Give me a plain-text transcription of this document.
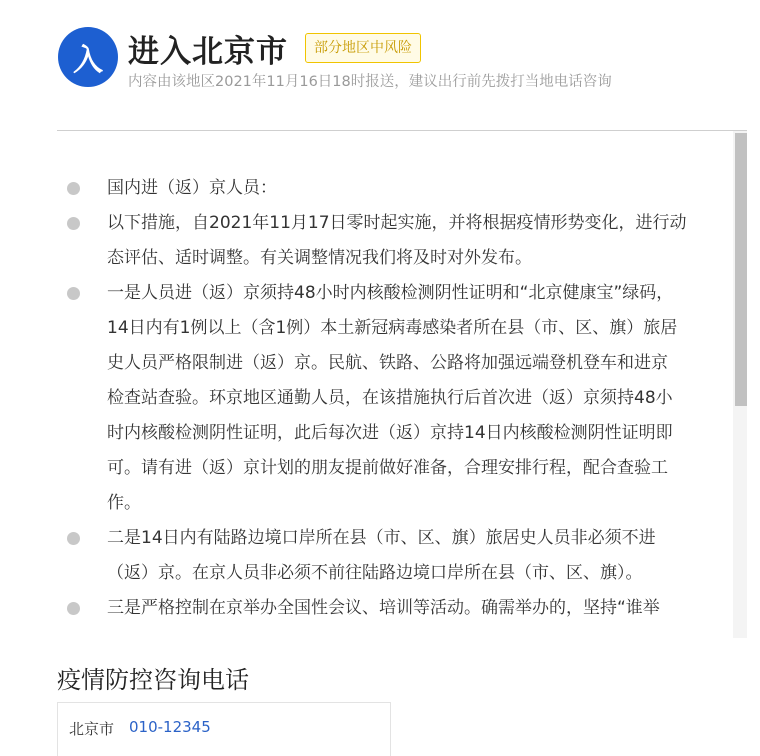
入 进入北京市	部分地区中风险
内容由该地区2021年11月16日18时报送，建议出行前先拨打当地电话咨询
国内进（返）京人员：
以下措施，自2021年11月17日零时起实施，并将根据疫情形势变化，进行动
态评估、适时调整。有关调整情况我们将及时对外发布。
一是人员进（返）京须持48小时内核酸检测阴性证明和“北京健康宝”绿码，
14日内有1例以上（含1例）本土新冠病毒感染者所在县（市、区、旗）旅居
史人员严格限制进（返）京。民航、铁路、公路将加强远端登机登车和进京
检查站查验。环京地区通勤人员，在该措施执行后首次进（返）京须持48小
时内核酸检测阴性证明，此后每次进（返）京持14日内核酸检测阴性证明即
可。请有进（返）京计划的朋友提前做好准备，合理安排行程，配合查验工
作。
二是14日内有陆路边境口岸所在县（市、区、旗）旅居史人员非必须不进
（返）京。在京人员非必须不前往陆路边境口岸所在县（市、区、旗）。
三是严格控制在京举办全国性会议、培训等活动。确需举办的，坚持“谁举
疫情防控咨询电话
北京市 010-12345
